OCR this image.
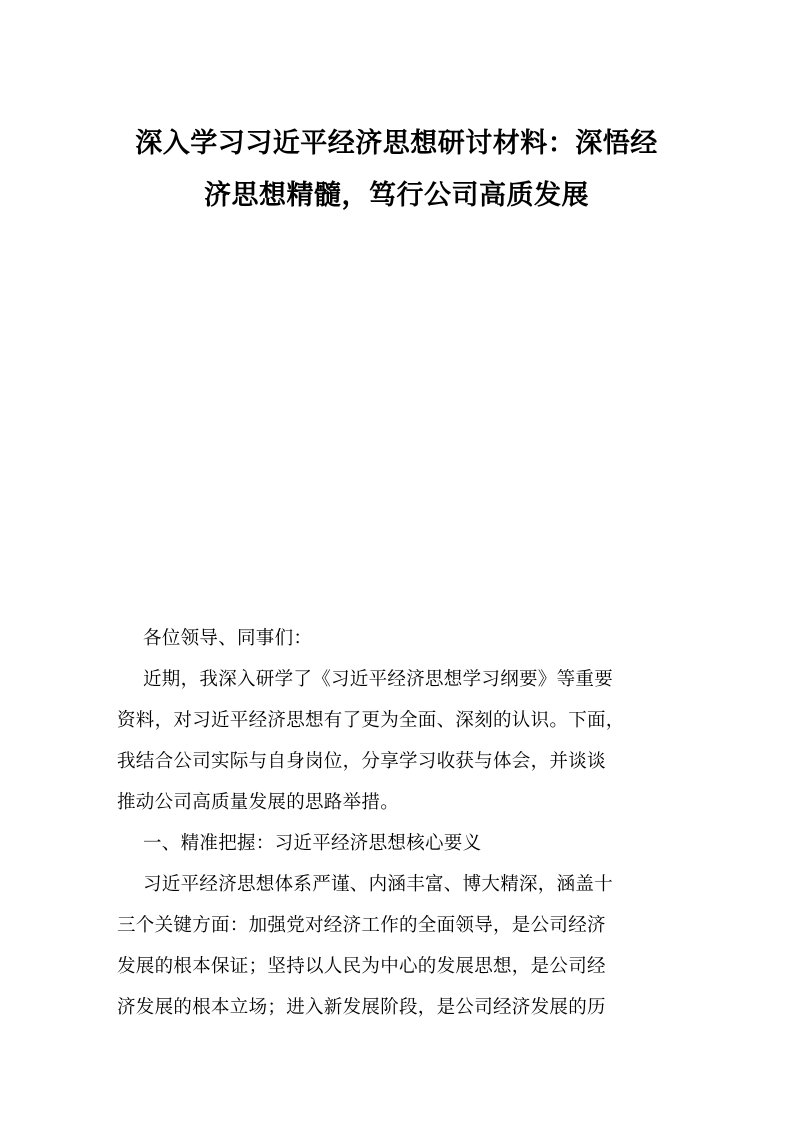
深入学习习近平经济思想研讨材料：深悟经
济思想精髓，笃行公司高质发展
各位领导、同事们：
近期，我深入研学了《习近平经济思想学习纲要》等重要
资料，对习近平经济思想有了更为全面、深刻的认识。下面，
我结合公司实际与自身岗位，分享学习收获与体会，并谈谈
推动公司高质量发展的思路举措。
一、精准把握：习近平经济思想核心要义
习近平经济思想体系严谨、内涵丰富、博大精深，涵盖十
三个关键方面：加强党对经济工作的全面领导，是公司经济
发展的根本保证；坚持以人民为中心的发展思想，是公司经
济发展的根本立场；进入新发展阶段，是公司经济发展的历
